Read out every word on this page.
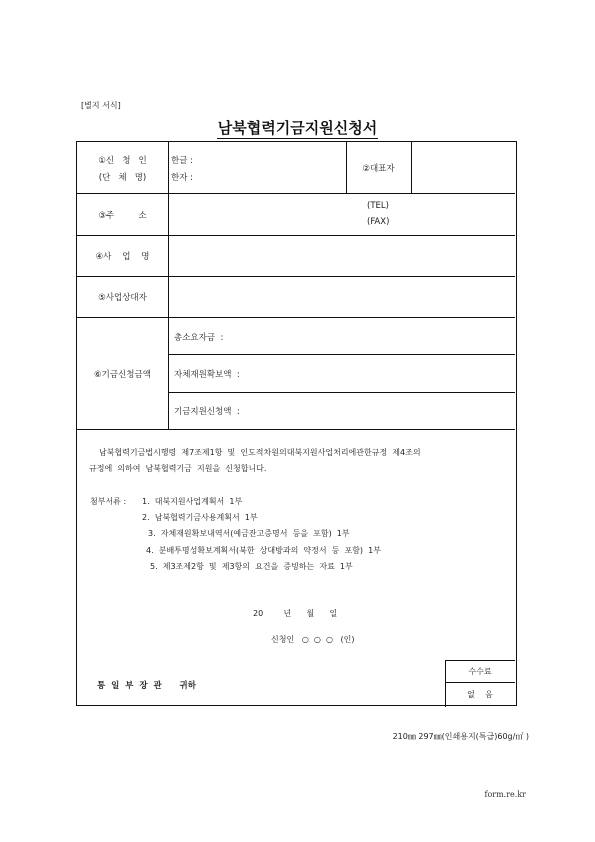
[별지 서식]
남북협력기금지원신청서
①신   청   인
(단   체   명)
한글 :
한자 :
②대표자
③주         소
(TEL)
(FAX)
④사    업    명
⑤사업상대자
⑥기금신청금액
총소요자금  :
자체재원확보액  :
기금지원신청액  :
남북협력기금법시행령  제7조제1항  및  인도적차원의대북지원사업처리에관한규정  제4조의
규정에  의하여  남북협력기금  지원을  신청합니다.
첨부서류 : 1.  대북지원사업계획서  1부
2.  남북협력기금사용계획서  1부
3.  자체재원확보내역서(예금잔고증명서  등을  포함)  1부
4.  분배투명성확보계획서(북한  상대방과의  약정서  등  포함)  1부
5.  제3조제2항  및  제3항의  요건을  증빙하는  자료  1부
20        년      월      일
신청인   ○  ○  ○   (인)
통  일  부  장  관      귀하
수수료
없    음
210㎜ 297㎜(인쇄용지(특급)60g/㎡ )
form.re.kr
